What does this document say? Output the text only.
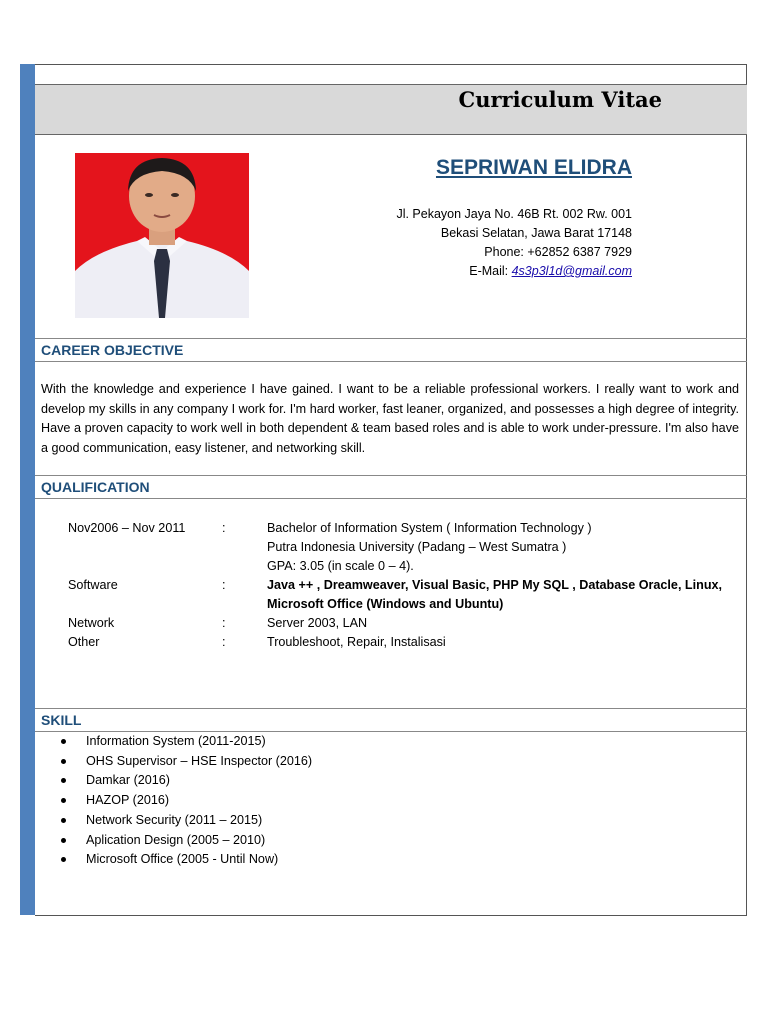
Curriculum Vitae
SEPRIWAN ELIDRA
Jl. Pekayon Jaya No. 46B Rt. 002 Rw. 001
Bekasi Selatan, Jawa Barat 17148
Phone: +62852 6387 7929
E-Mail: 4s3p3l1d@gmail.com
CAREER OBJECTIVE
With the knowledge and experience I have gained. I want to be a reliable professional workers. I really want to work and develop my skills in any company I work for. I'm hard worker, fast leaner, organized, and possesses a high degree of integrity. Have a proven capacity to work well in both dependent & team based roles and is able to work under-pressure. I'm also have a good communication, easy listener, and networking skill.
QUALIFICATION
Nov2006 – Nov 2011	:	Bachelor of Information System ( Information Technology )
Putra Indonesia University (Padang – West Sumatra )
GPA: 3.05 (in scale 0 – 4).
Software	:	Java ++ , Dreamweaver, Visual Basic, PHP My SQL , Database Oracle, Linux, Microsoft Office (Windows and Ubuntu)
Network	:	Server 2003, LAN
Other	:	Troubleshoot, Repair, Instalisasi
SKILL
Information System (2011-2015)
OHS Supervisor – HSE Inspector (2016)
Damkar (2016)
HAZOP (2016)
Network Security (2011 – 2015)
Aplication Design (2005 – 2010)
Microsoft Office (2005 - Until Now)
